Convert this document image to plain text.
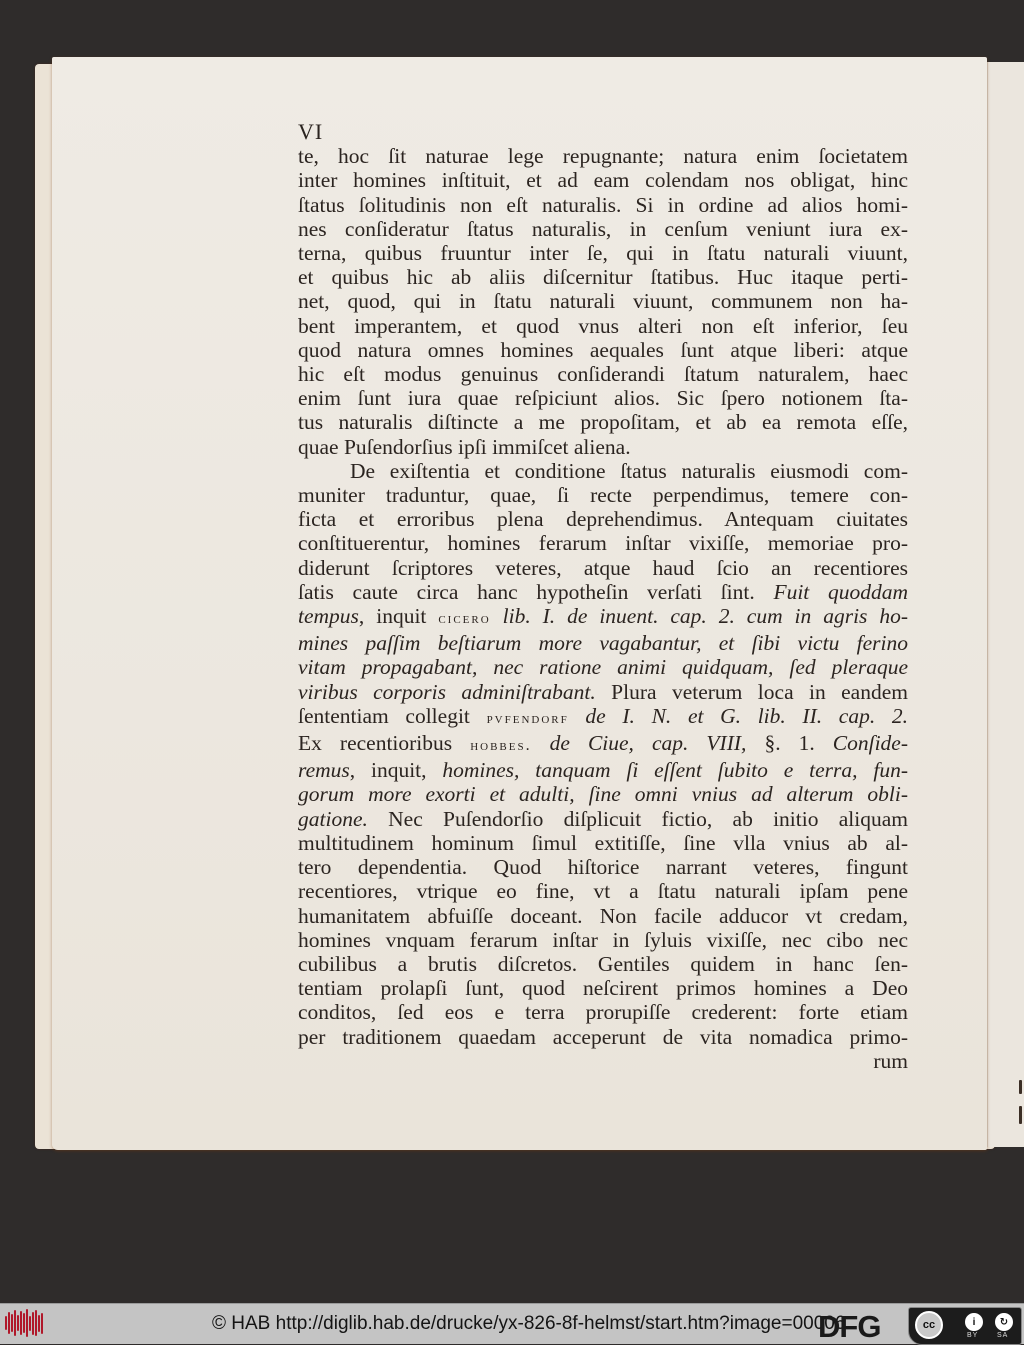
VI
te, hoc ſit naturae lege repugnante; natura enim ſocietatem
inter homines inſtituit, et ad eam colendam nos obligat, hinc
ſtatus ſolitudinis non eſt naturalis. Si in ordine ad alios homi-
nes conſideratur ſtatus naturalis, in cenſum veniunt iura ex-
terna, quibus fruuntur inter ſe, qui in ſtatu naturali viuunt,
et quibus hic ab aliis diſcernitur ſtatibus. Huc itaque perti-
net, quod, qui in ſtatu naturali viuunt, communem non ha-
bent imperantem, et quod vnus alteri non eſt inferior, ſeu
quod natura omnes homines aequales ſunt atque liberi: atque
hic eſt modus genuinus conſiderandi ſtatum naturalem, haec
enim ſunt iura quae reſpiciunt alios. Sic ſpero notionem ſta-
tus naturalis diſtincte a me propoſitam, et ab ea remota eſſe,
quae Puſendorſius ipſi immiſcet aliena.
De exiſtentia et conditione ſtatus naturalis eiusmodi com-
muniter traduntur, quae, ſi recte perpendimus, temere con-
ficta et erroribus plena deprehendimus. Antequam ciuitates
conſtituerentur, homines ferarum inſtar vixiſſe, memoriae pro-
diderunt ſcriptores veteres, atque haud ſcio an recentiores
ſatis caute circa hanc hypotheſin verſati ſint. Fuit quoddam
tempus, inquit cicero lib. I. de inuent. cap. 2. cum in agris ho-
mines paſſim beſtiarum more vagabantur, et ſibi victu ferino
vitam propagabant, nec ratione animi quidquam, ſed pleraque
viribus corporis adminiſtrabant. Plura veterum loca in eandem
ſententiam collegit pvfendorf de I. N. et G. lib. II. cap. 2.
Ex recentioribus hobbes. de Ciue, cap. VIII, §. 1. Conſide-
remus, inquit, homines, tanquam ſi eſſent ſubito e terra, fun-
gorum more exorti et adulti, ſine omni vnius ad alterum obli-
gatione. Nec Puſendorſio diſplicuit fictio, ab initio aliquam
multitudinem hominum ſimul extitiſſe, ſine vlla vnius ab al-
tero dependentia. Quod hiſtorice narrant veteres, fingunt
recentiores, vtrique eo fine, vt a ſtatu naturali ipſam pene
humanitatem abfuiſſe doceant. Non facile adducor vt credam,
homines vnquam ferarum inſtar in ſyluis vixiſſe, nec cibo nec
cubilibus a brutis diſcretos. Gentiles quidem in hanc ſen-
tentiam prolapſi ſunt, quod neſcirent primos homines a Deo
conditos, ſed eos e terra prorupiſſe crederent: forte etiam
per traditionem quaedam acceperunt de vita nomadica primo-
rum
© HAB http://diglib.hab.de/drucke/yx-826-8f-helmst/start.htm?image=00006
DFG	cc	i	↻
BY	SA
